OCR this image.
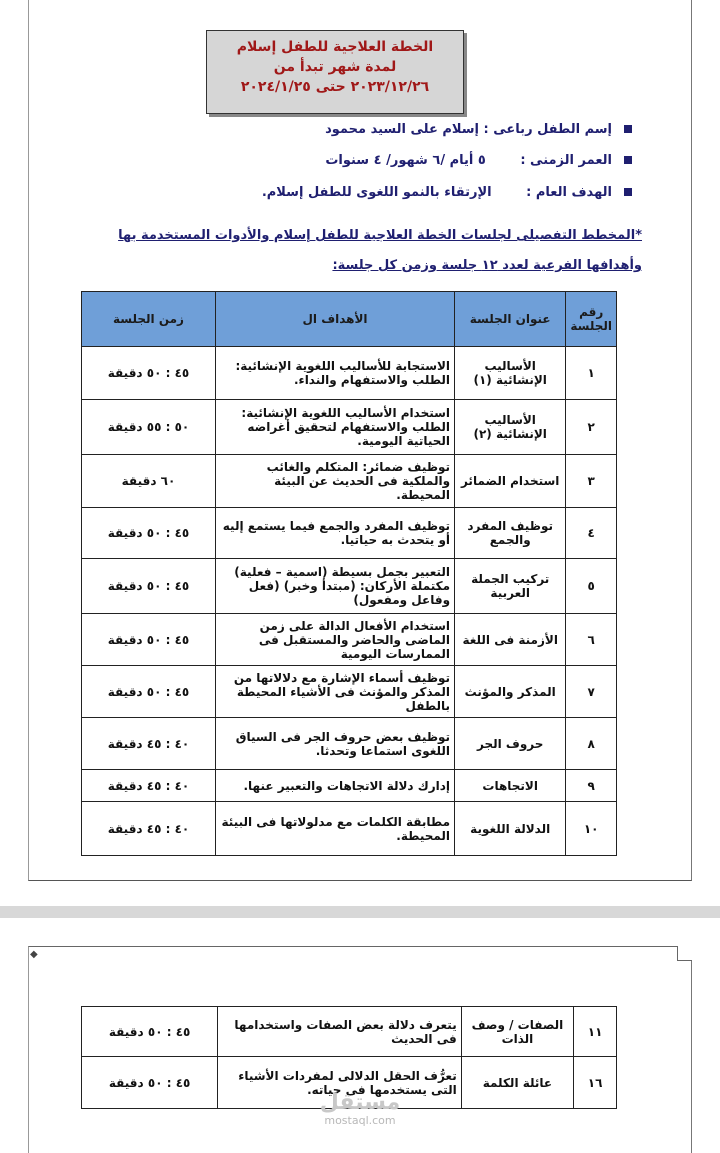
الخطة العلاجية للطفل إسلام
لمدة شهر تبدأ من
٢٠٢٣/١٢/٢٦ حتى ٢٠٢٤/١/٢٥
إسم الطفل رباعى : إسلام على السيد محمود
العمر الزمنى : ٥ أيام /٦ شهور/ ٤ سنوات
الهدف العام : الإرتقاء بالنمو اللغوى للطفل إسلام.
*المخطط التفصيلى لجلسات الخطة العلاجية للطفل إسلام والأدوات المستخدمة بها
وأهدافها الفرعية لعدد ١٢ جلسة وزمن كل جلسة:
رقم الجلسة	عنوان الجلسة	الأهداف ال	زمن الجلسة
١	الأساليب الإنشائية (١)	الاستجابة للأساليب اللغوية الإنشائية: الطلب والاستفهام والنداء.	٤٥ : ٥٠ دقيقة
٢	الأساليب الإنشائية (٢)	استخدام الأساليب اللغوية الإنشائية: الطلب والاستفهام لتحقيق أغراضه الحياتية اليومية.	٥٠ : ٥٥ دقيقة
٣	استخدام الضمائر	توظيف ضمائر: المتكلم والغائب والملكية فى الحديث عن البيئة المحيطة.	٦٠ دقيقة
٤	توظيف المفرد والجمع	توظيف المفرد والجمع فيما يستمع إليه أو يتحدث به حياتيا.	٤٥ : ٥٠ دقيقة
٥	تركيب الجملة العربية	التعبير بجمل بسيطة (اسمية – فعلية) مكتملة الأركان: (مبتدأ وخبر) (فعل وفاعل ومفعول)	٤٥ : ٥٠ دقيقة
٦	الأزمنة فى اللغة	استخدام الأفعال الدالة على زمن الماضى والحاضر والمستقبل فى الممارسات اليومية	٤٥ : ٥٠ دقيقة
٧	المذكر والمؤنث	توظيف أسماء الإشارة مع دلالاتها من المذكر والمؤنث فى الأشياء المحيطة بالطفل	٤٥ : ٥٠ دقيقة
٨	حروف الجر	توظيف بعض حروف الجر فى السياق اللغوى استماعا وتحدثا.	٤٠ : ٤٥ دقيقة
٩	الاتجاهات	إدارك دلالة الاتجاهات والتعبير عنها.	٤٠ : ٤٥ دقيقة
١٠	الدلالة اللغوية	مطابقة الكلمات مع مدلولاتها فى البيئة المحيطة.	٤٠ : ٤٥ دقيقة
◆
١١	الصفات / وصف الذات	يتعرف دلالة بعض الصفات واستخدامها فى الحديث	٤٥ : ٥٠ دقيقة
١٦	عائلة الكلمة	تعرُّف الحقل الدلالى لمفردات الأشياء التى يستخدمها فى حياته.	٤٥ : ٥٠ دقيقة
مستقل
mostaql.com
